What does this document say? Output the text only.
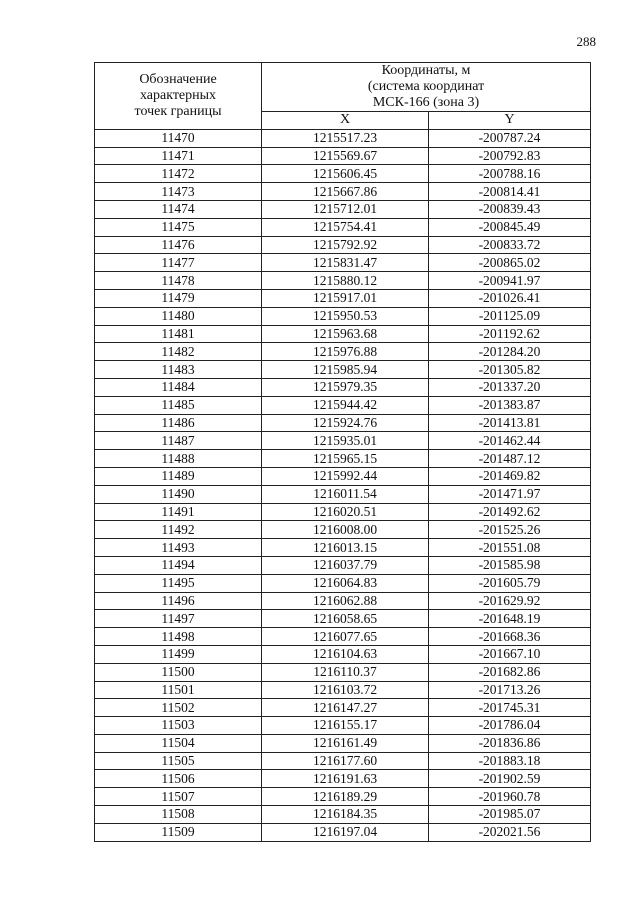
288
Обозначение
характерных
точек границы	Координаты, м
(система координат
МСК-166 (зона 3)	

	X	Y
11470	1215517.23	-200787.24
11471	1215569.67	-200792.83
11472	1215606.45	-200788.16
11473	1215667.86	-200814.41
11474	1215712.01	-200839.43
11475	1215754.41	-200845.49
11476	1215792.92	-200833.72
11477	1215831.47	-200865.02
11478	1215880.12	-200941.97
11479	1215917.01	-201026.41
11480	1215950.53	-201125.09
11481	1215963.68	-201192.62
11482	1215976.88	-201284.20
11483	1215985.94	-201305.82
11484	1215979.35	-201337.20
11485	1215944.42	-201383.87
11486	1215924.76	-201413.81
11487	1215935.01	-201462.44
11488	1215965.15	-201487.12
11489	1215992.44	-201469.82
11490	1216011.54	-201471.97
11491	1216020.51	-201492.62
11492	1216008.00	-201525.26
11493	1216013.15	-201551.08
11494	1216037.79	-201585.98
11495	1216064.83	-201605.79
11496	1216062.88	-201629.92
11497	1216058.65	-201648.19
11498	1216077.65	-201668.36
11499	1216104.63	-201667.10
11500	1216110.37	-201682.86
11501	1216103.72	-201713.26
11502	1216147.27	-201745.31
11503	1216155.17	-201786.04
11504	1216161.49	-201836.86
11505	1216177.60	-201883.18
11506	1216191.63	-201902.59
11507	1216189.29	-201960.78
11508	1216184.35	-201985.07
11509	1216197.04	-202021.56
